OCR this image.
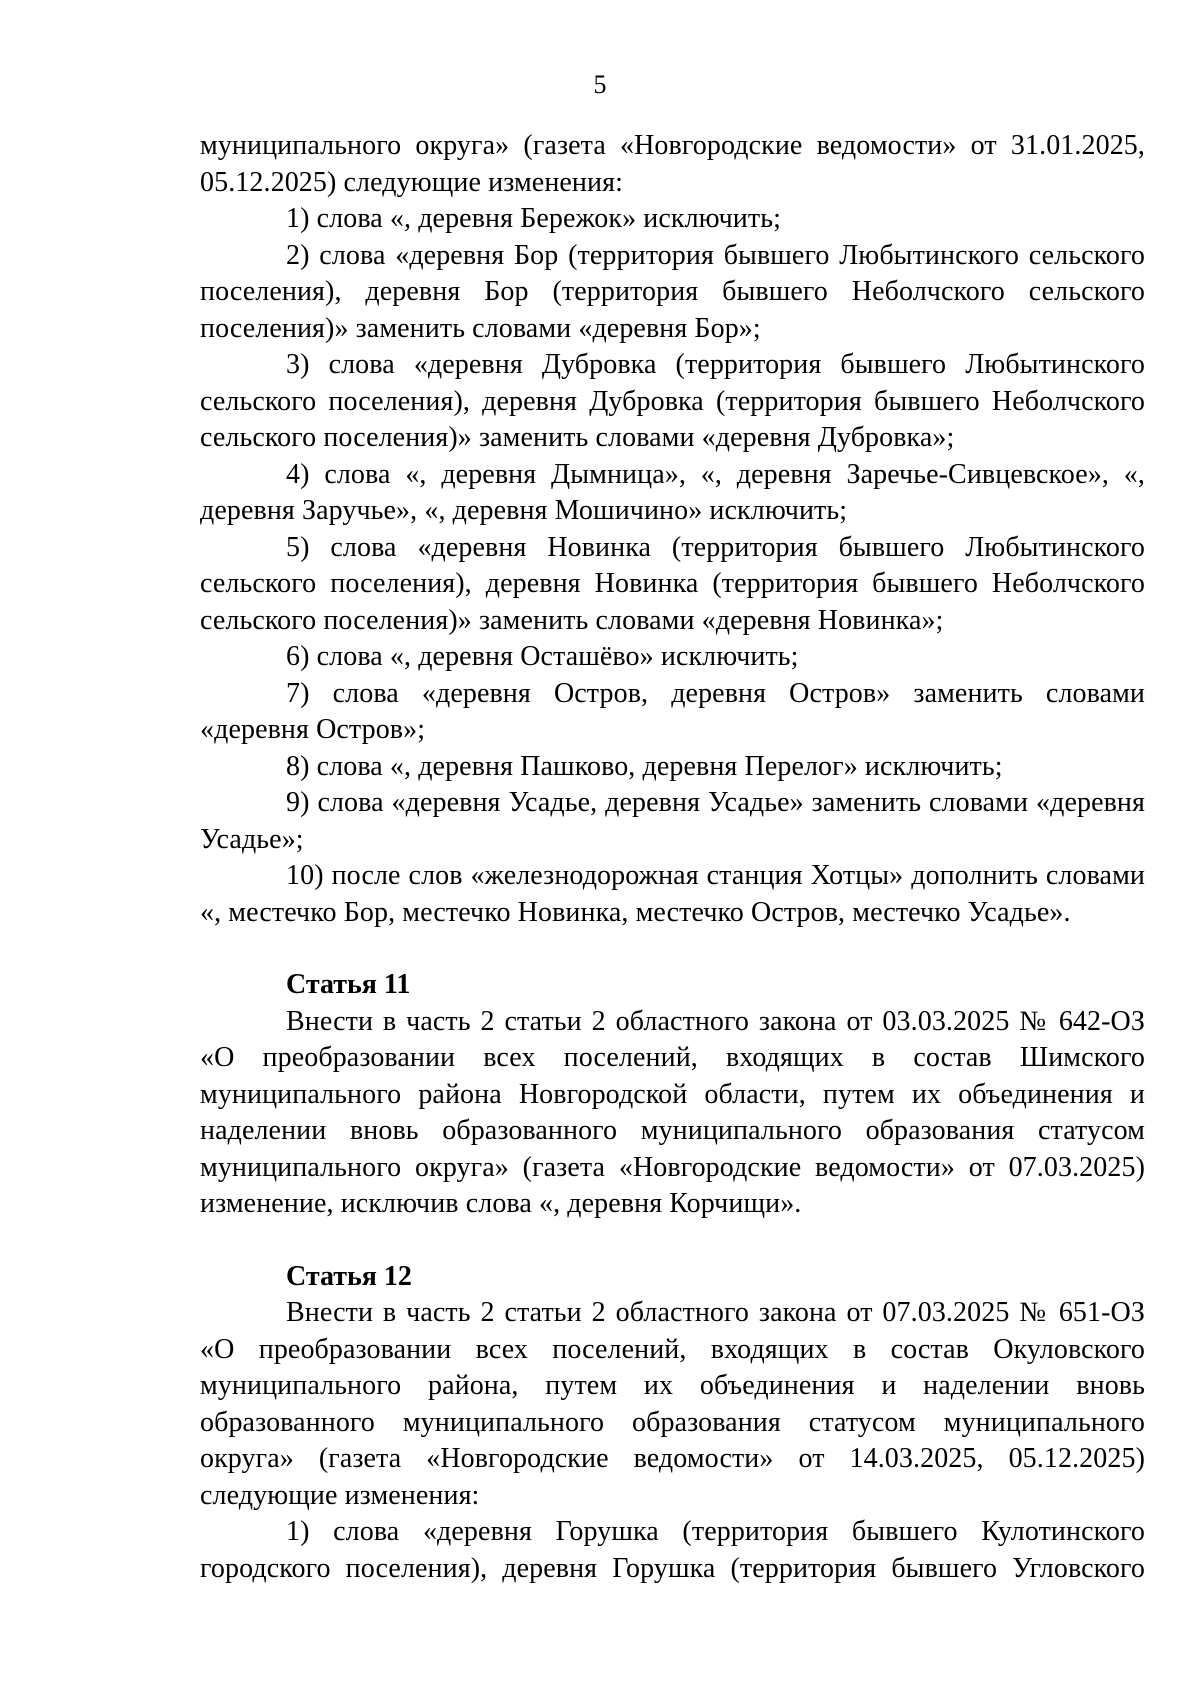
5

муниципального округа» (газета «Новгородские ведомости» от 31.01.2025, 05.12.2025) следующие изменения:

1) слова «, деревня Бережок» исключить;

2) слова «деревня Бор (территория бывшего Любытинского сельского поселения), деревня Бор (территория бывшего Неболчского сельского поселения)» заменить словами «деревня Бор»;

3) слова «деревня Дубровка (территория бывшего Любытинского сельского поселения), деревня Дубровка (территория бывшего Неболчского сельского поселения)» заменить словами «деревня Дубровка»;

4) слова «, деревня Дымница», «, деревня Заречье-Сивцевское», «, деревня Заручье», «, деревня Мошичино» исключить;

5) слова «деревня Новинка (территория бывшего Любытинского сельского поселения), деревня Новинка (территория бывшего Неболчского сельского поселения)» заменить словами «деревня Новинка»;

6) слова «, деревня Осташёво» исключить;

7) слова «деревня Остров, деревня Остров» заменить словами «деревня Остров»;

8) слова «, деревня Пашково, деревня Перелог» исключить;

9) слова «деревня Усадье, деревня Усадье» заменить словами «деревня Усадье»;

10) после слов «железнодорожная станция Хотцы» дополнить словами «, местечко Бор, местечко Новинка, местечко Остров, местечко Усадье».

Статья 11

Внести в часть 2 статьи 2 областного закона от 03.03.2025 № 642-ОЗ «О преобразовании всех поселений, входящих в состав Шимского муниципального района Новгородской области, путем их объединения и наделении вновь образованного муниципального образования статусом муниципального округа» (газета «Новгородские ведомости» от 07.03.2025) изменение, исключив слова «, деревня Корчищи».

Статья 12

Внести в часть 2 статьи 2 областного закона от 07.03.2025 № 651-ОЗ «О преобразовании всех поселений, входящих в состав Окуловского муниципального района, путем их объединения и наделении вновь образованного муниципального образования статусом муниципального округа» (газета «Новгородские ведомости» от 14.03.2025, 05.12.2025) следующие изменения:

1) слова «деревня Горушка (территория бывшего Кулотинского городского поселения), деревня Горушка (территория бывшего Угловского
